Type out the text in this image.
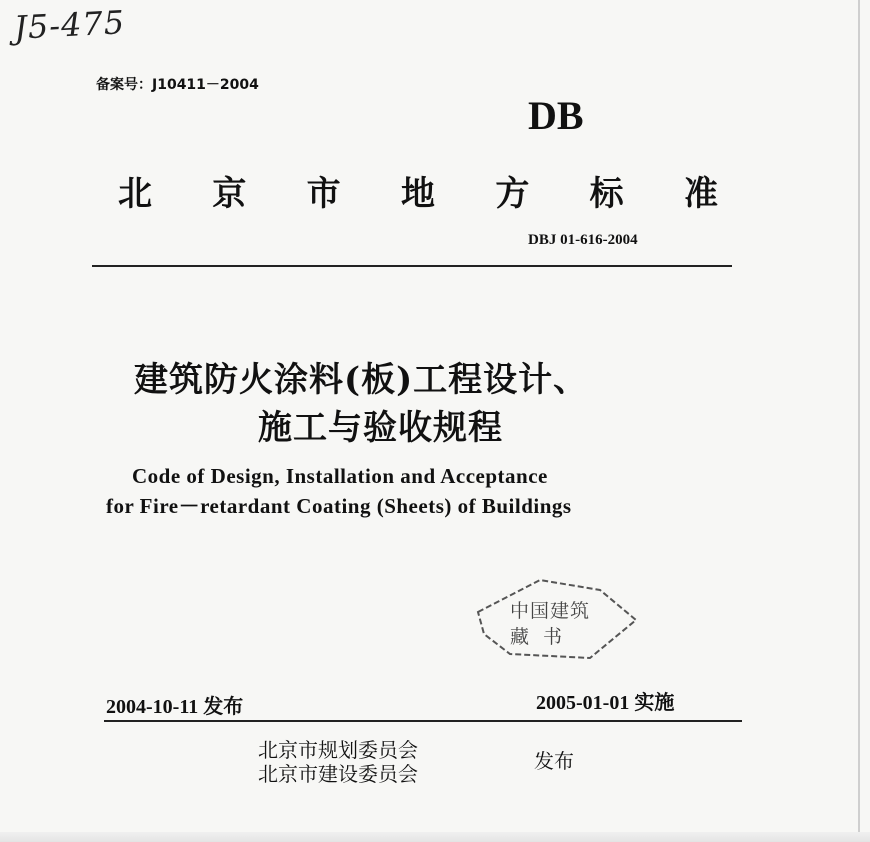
J5-475
备案号：J10411－2004
DB
北 京 市 地 方 标 准
DBJ 01-616-2004
建筑防火涂料(板)工程设计、
施工与验收规程
Code of Design, Installation and Acceptance
for Fire－retardant Coating (Sheets) of Buildings
中国建筑
藏书
2004-10-11 发布	2005-01-01 实施
北京市规划委员会
北京市建设委员会
发布
